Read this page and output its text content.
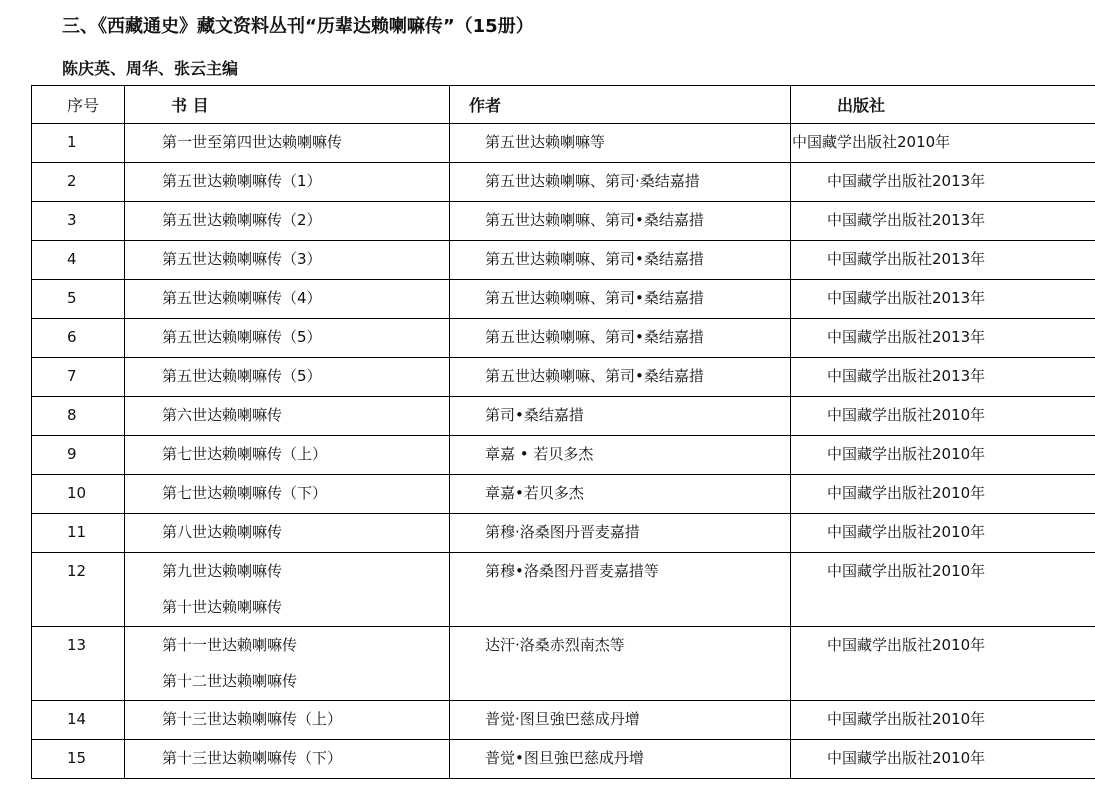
三、《西藏通史》藏文资料丛刊“历辈达赖喇嘛传”（15册）
陈庆英、周华、张云主编
序号	书 目	作者	出版社

1	第一世至第四世达赖喇嘛传	第五世达赖喇嘛等	中国藏学出版社2010年

2	第五世达赖喇嘛传（1）	第五世达赖喇嘛、第司·桑结嘉措	中国藏学出版社2013年

3	第五世达赖喇嘛传（2）	第五世达赖喇嘛、第司•桑结嘉措	中国藏学出版社2013年

4	第五世达赖喇嘛传（3）	第五世达赖喇嘛、第司•桑结嘉措	中国藏学出版社2013年

5	第五世达赖喇嘛传（4）	第五世达赖喇嘛、第司•桑结嘉措	中国藏学出版社2013年

6	第五世达赖喇嘛传（5）	第五世达赖喇嘛、第司•桑结嘉措	中国藏学出版社2013年

7	第五世达赖喇嘛传（5）	第五世达赖喇嘛、第司•桑结嘉措	中国藏学出版社2013年

8	第六世达赖喇嘛传	第司•桑结嘉措	中国藏学出版社2010年

9	第七世达赖喇嘛传（上）	章嘉 • 若贝多杰	中国藏学出版社2010年

10	第七世达赖喇嘛传（下）	章嘉•若贝多杰	中国藏学出版社2010年

11	第八世达赖喇嘛传	第穆·洛桑图丹晋麦嘉措	中国藏学出版社2010年

12	第九世达赖喇嘛传
第十世达赖喇嘛传	第穆•洛桑图丹晋麦嘉措等	中国藏学出版社2010年

13	第十一世达赖喇嘛传
第十二世达赖喇嘛传	达汗·洛桑赤烈南杰等	中国藏学出版社2010年

14	第十三世达赖喇嘛传（上）	普觉·图旦強巴慈成丹增	中国藏学出版社2010年

15	第十三世达赖喇嘛传（下）	普觉•图旦強巴慈成丹增	中国藏学出版社2010年
